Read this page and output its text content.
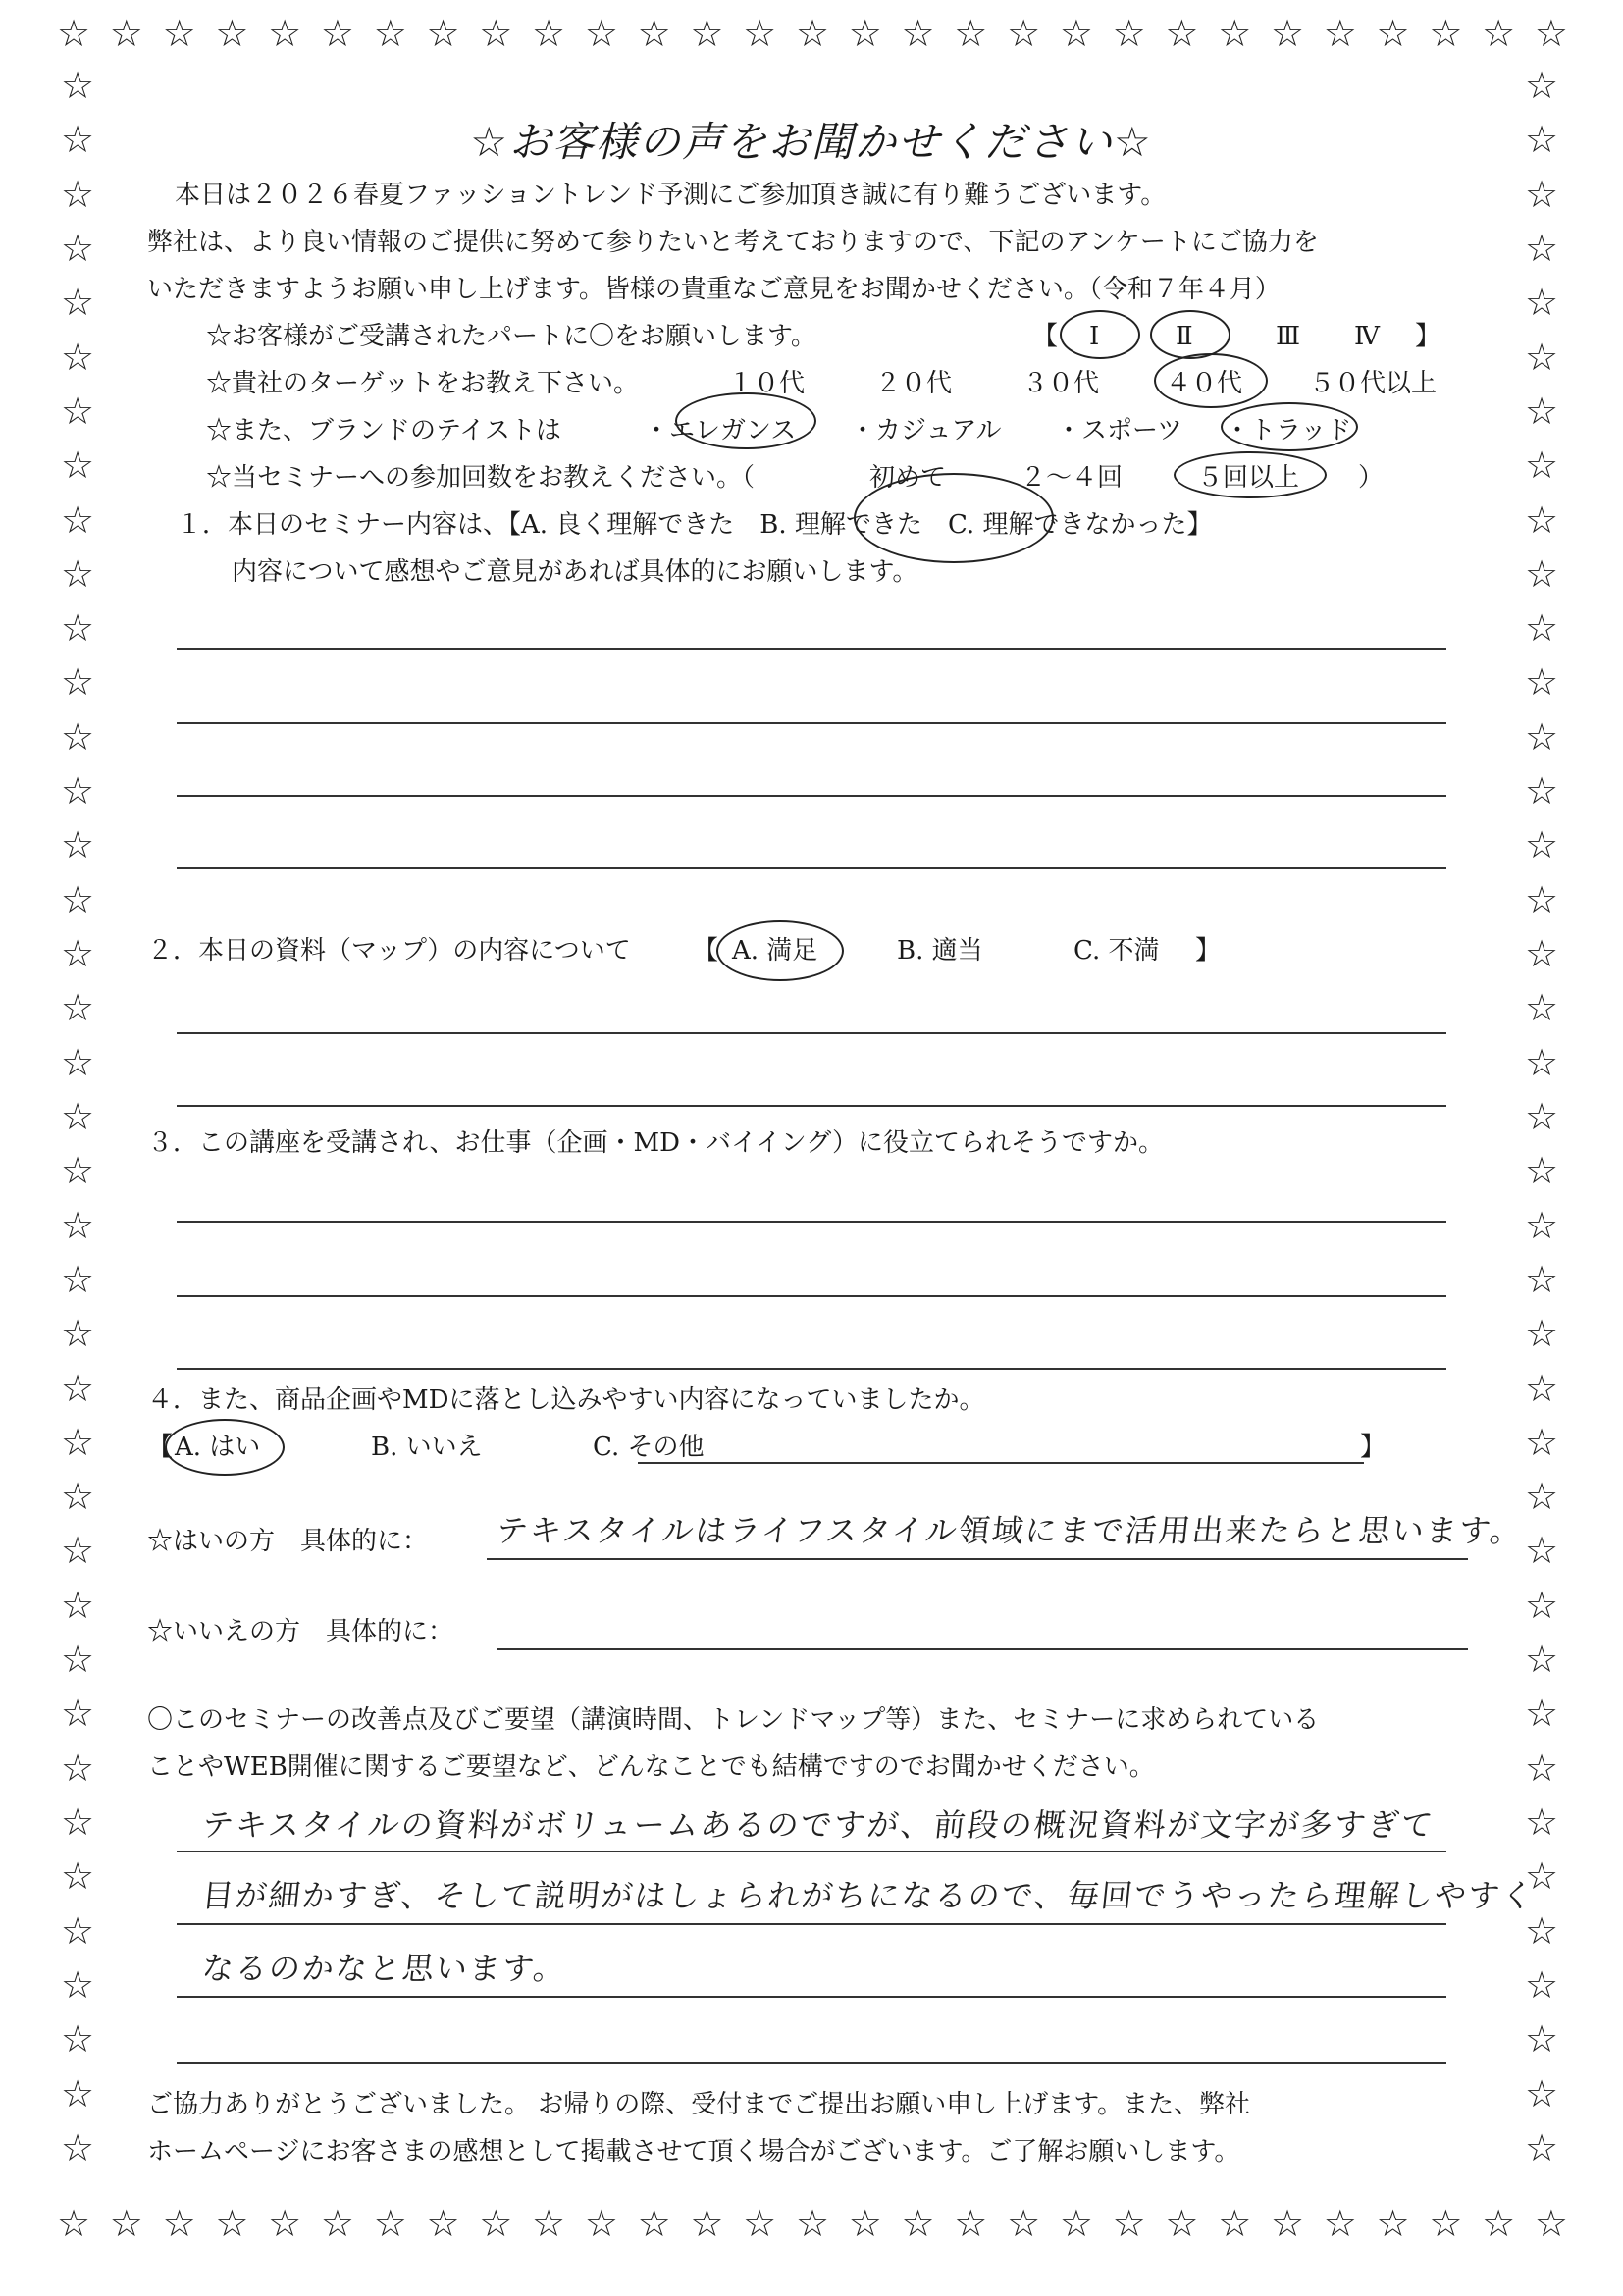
☆ ☆ ☆ ☆ ☆ ☆ ☆ ☆ ☆ ☆ ☆ ☆ ☆ ☆ ☆ ☆ ☆ ☆ ☆ ☆ ☆ ☆ ☆ ☆ ☆ ☆ ☆ ☆ ☆
☆ ☆ ☆ ☆ ☆ ☆ ☆ ☆ ☆ ☆ ☆ ☆ ☆ ☆ ☆ ☆ ☆ ☆ ☆ ☆ ☆ ☆ ☆ ☆ ☆ ☆ ☆ ☆ ☆
☆
☆
☆
☆
☆
☆
☆
☆
☆
☆
☆
☆
☆
☆
☆
☆
☆
☆
☆
☆
☆
☆
☆
☆
☆
☆
☆
☆
☆
☆
☆
☆
☆
☆
☆
☆
☆
☆
☆
☆
☆
☆
☆
☆
☆
☆
☆
☆
☆
☆
☆
☆
☆
☆
☆
☆
☆
☆
☆
☆
☆
☆
☆
☆
☆
☆
☆
☆
☆
☆
☆
☆
☆
☆
☆
☆
☆
☆
☆お客様の声をお聞かせください☆
本日は２０２６春夏ファッショントレンド予測にご参加頂き誠に有り難うございます。
弊社は、より良い情報のご提供に努めて参りたいと考えておりますので、下記のアンケートにご協力を
いただきますようお願い申し上げます。皆様の貴重なご意見をお聞かせください。（令和７年４月）
☆お客様がご受講されたパートに〇をお願いします。	【 Ⅰ	Ⅱ	Ⅲ Ⅳ 】
☆貴社のターゲットをお教え下さい。	１０代	２０代	３０代	４０代	５０代以上
☆また、ブランドのテイストは	・エレガンス ・カジュアル ・スポーツ ・トラッド
☆当セミナーへの参加回数をお教えください。（	初めて	２～４回	５回以上 ）
１．本日のセミナー内容は、【A. 良く理解できた　B. 理解できた　C. 理解できなかった】
内容について感想やご意見があれば具体的にお願いします。
２．本日の資料（マップ）の内容について 【 A. 満足	B. 適当	C. 不満 】
３．この講座を受講され、お仕事（企画・MD・バイイング）に役立てられそうですか。
４．また、商品企画やMDに落とし込みやすい内容になっていましたか。
【 A. はい	B. いいえ	C. その他	】
☆はいの方　具体的に： テキスタイルはライフスタイル領域にまで活用出来たらと思います。
☆いいえの方　具体的に：
〇このセミナーの改善点及びご要望（講演時間、トレンドマップ等）また、セミナーに求められている
ことやWEB開催に関するご要望など、どんなことでも結構ですのでお聞かせください。
テキスタイルの資料がボリュームあるのですが、前段の概況資料が文字が多すぎて
目が細かすぎ、そして説明がはしょられがちになるので、毎回でうやったら理解しやすく
なるのかなと思います。
ご協力ありがとうございました。 お帰りの際、受付までご提出お願い申し上げます。また、弊社
ホームページにお客さまの感想として掲載させて頂く場合がございます。ご了解お願いします。
